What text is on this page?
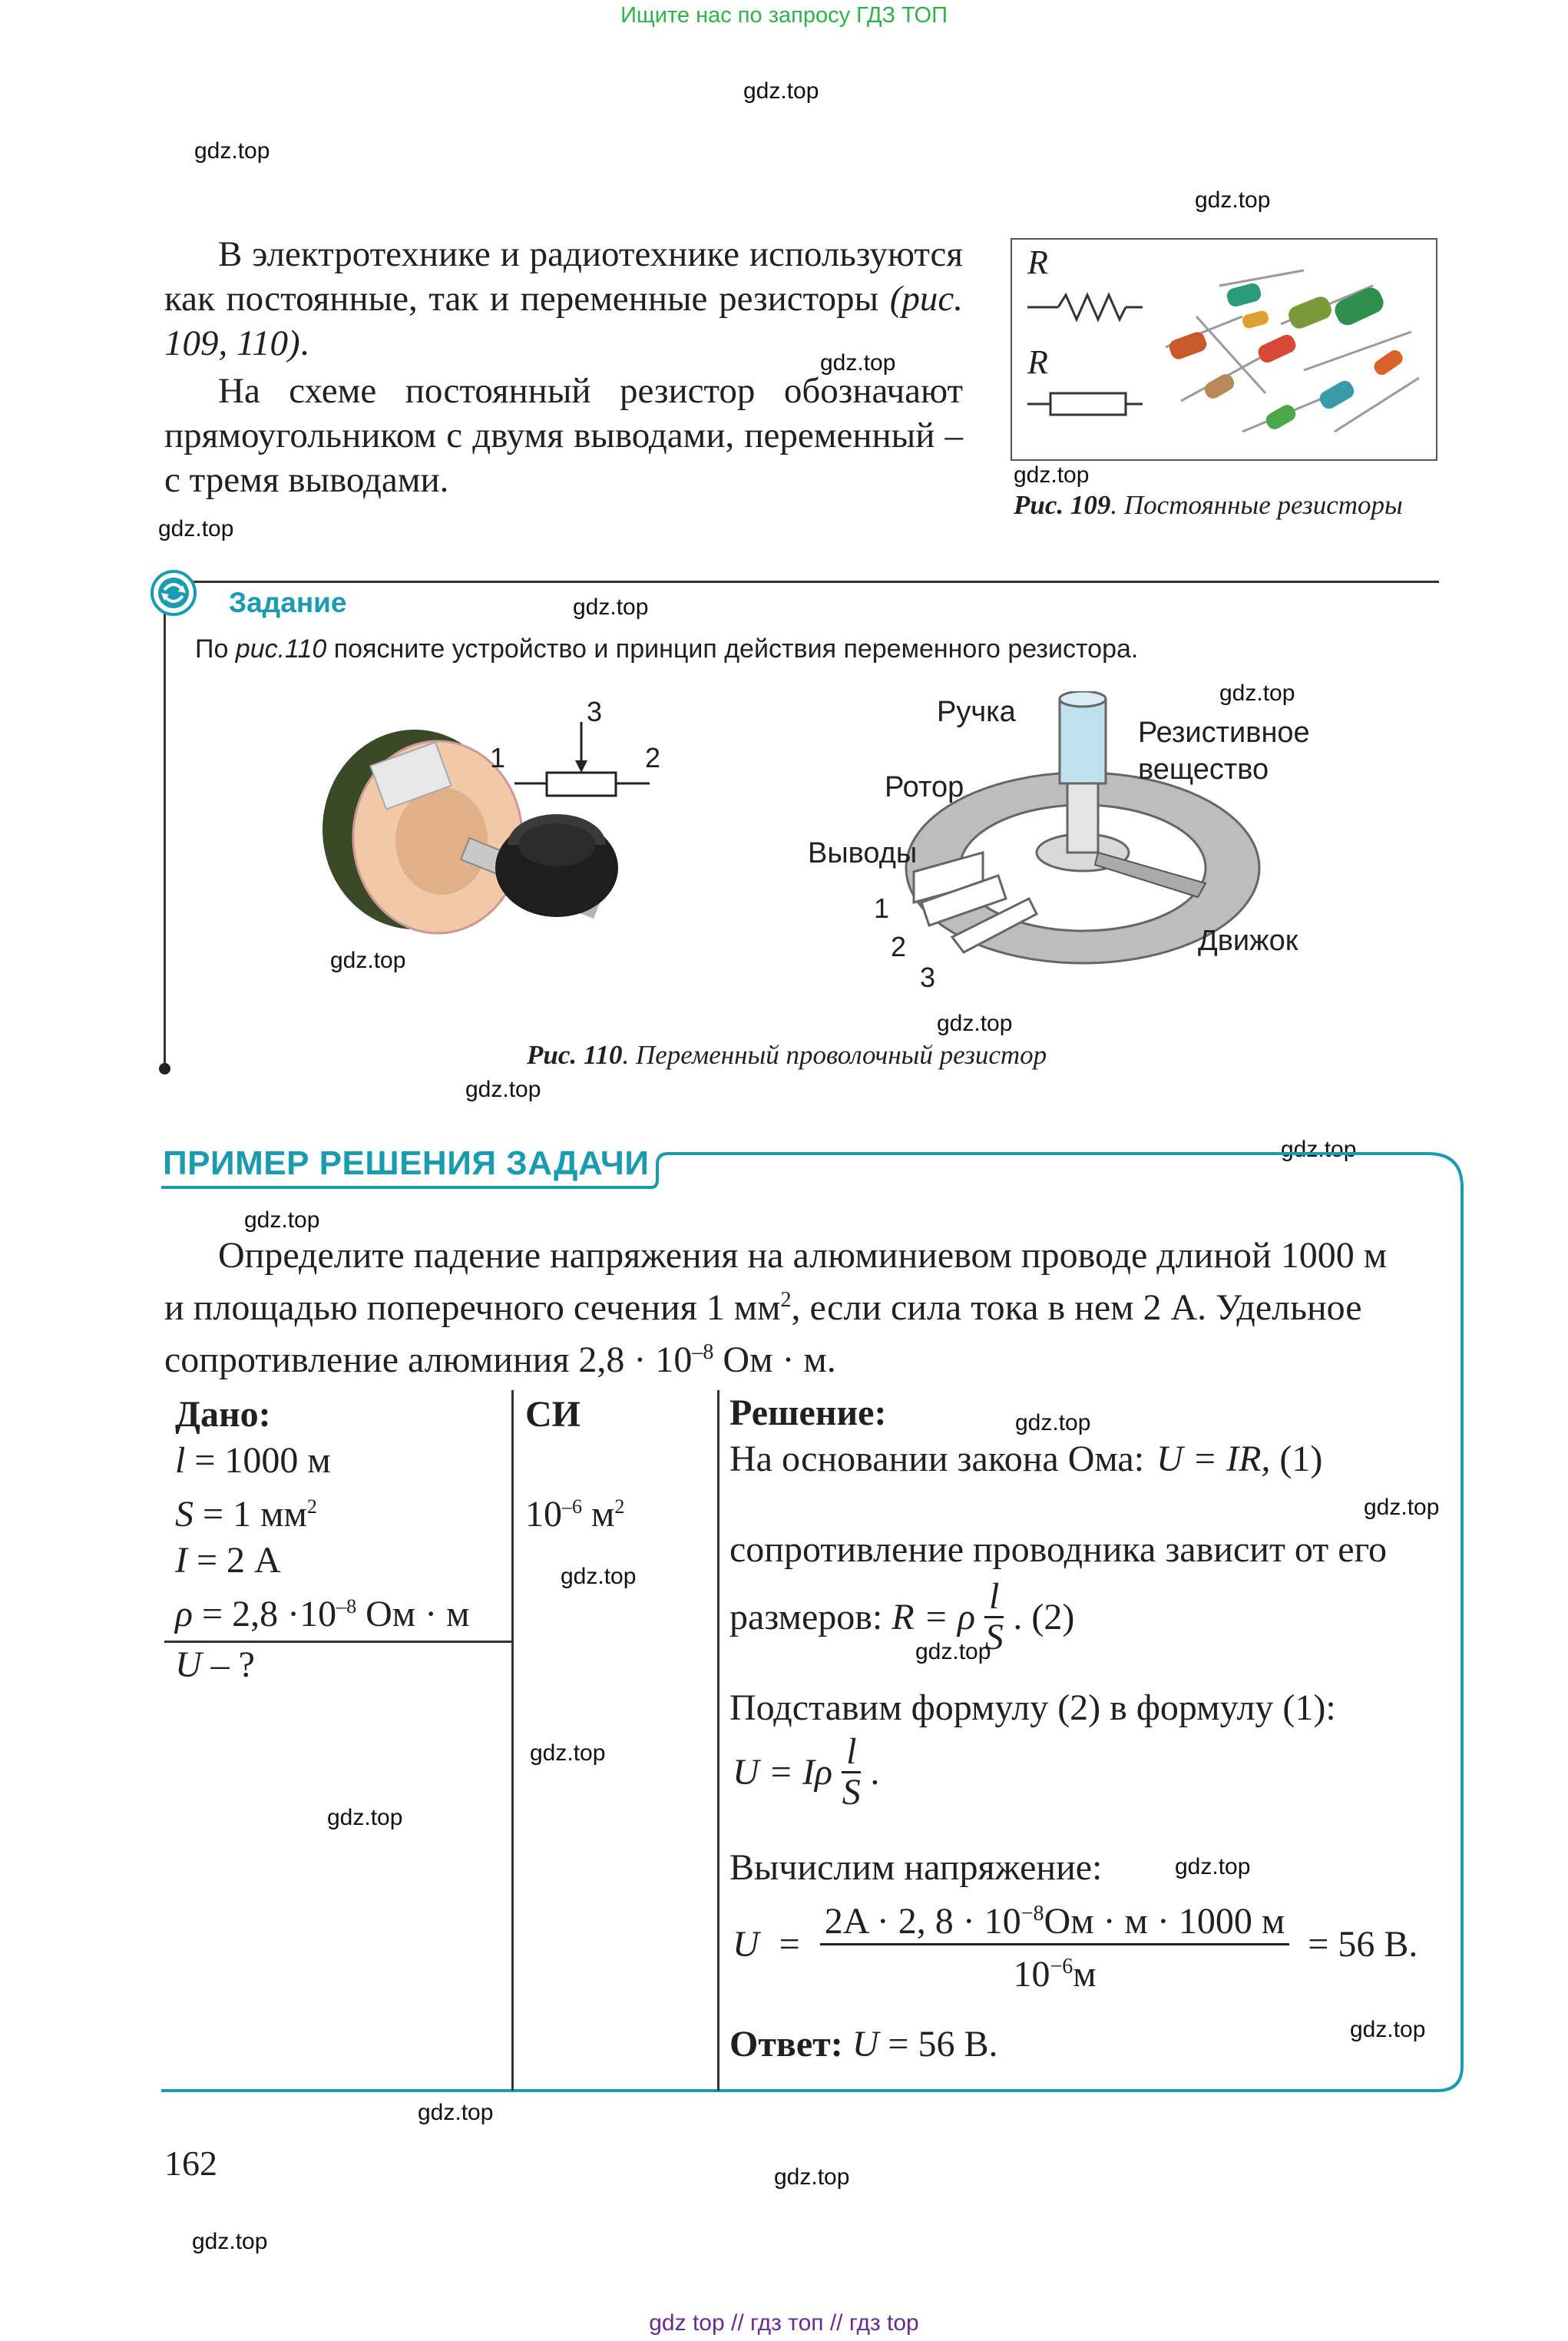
Ищите нас по запросу ГДЗ ТОП
gdz.top
gdz.top
gdz.top
gdz.top
gdz.top
gdz.top
gdz.top
gdz.top
gdz.top
gdz.top
gdz.top
gdz.top
gdz.top
gdz.top
gdz.top
gdz.top
gdz.top
gdz.top
gdz.top
gdz.top
gdz.top
gdz.top
gdz.top
gdz.top
В электротехнике и радиотехнике используются как постоянные, так и переменные резисторы (рис. 109, 110).
На схеме постоянный резистор обозначают прямоугольником с двумя выводами, переменный – с тремя выводами.
R
R
Рис. 109. Постоянные резисторы
Задание
По рис.110 поясните устройство и принцип действия переменного резистора.
1	2
3	Ручка
Резистивное
вещество
Ротор
Выводы
1
2
3
Движок
Рис. 110. Переменный проволочный резистор
ПРИМЕР РЕШЕНИЯ ЗАДАЧИ
Определите падение напряжения на алюминиевом проводе длиной 1000 м
и площадью поперечного сечения 1 $мм^2$, если сила тока в нем 2 А. Удельное
сопротивление алюминия $2,8 \cdot 10^{-8}$ Ом · м.
Дано:
l = 1000 м
S = 1 $мм^2$
I = 2 А
$\rho = 2,8 \cdot 10^{-8}$ Ом · м
U – ?
СИ
$10^{-6}$ $м^2$
Решение:
На основании закона Ома: U = IR, (1)
сопротивление проводника зависит от его
размеров: R = ρ $\frac{l}{S}$ . (2)
Подставим формулу (2) в формулу (1):
U = Iρ $\frac{l}{S}$ .
Вычислим напряжение:
U =
2A · 2, $8 \cdot 10^{-8}Ом \cdot м \cdot 1000$ м
$10^{-6}м$
= 56 В.
Ответ: U = 56 В.
162
gdz top // гдз топ // гдз top
